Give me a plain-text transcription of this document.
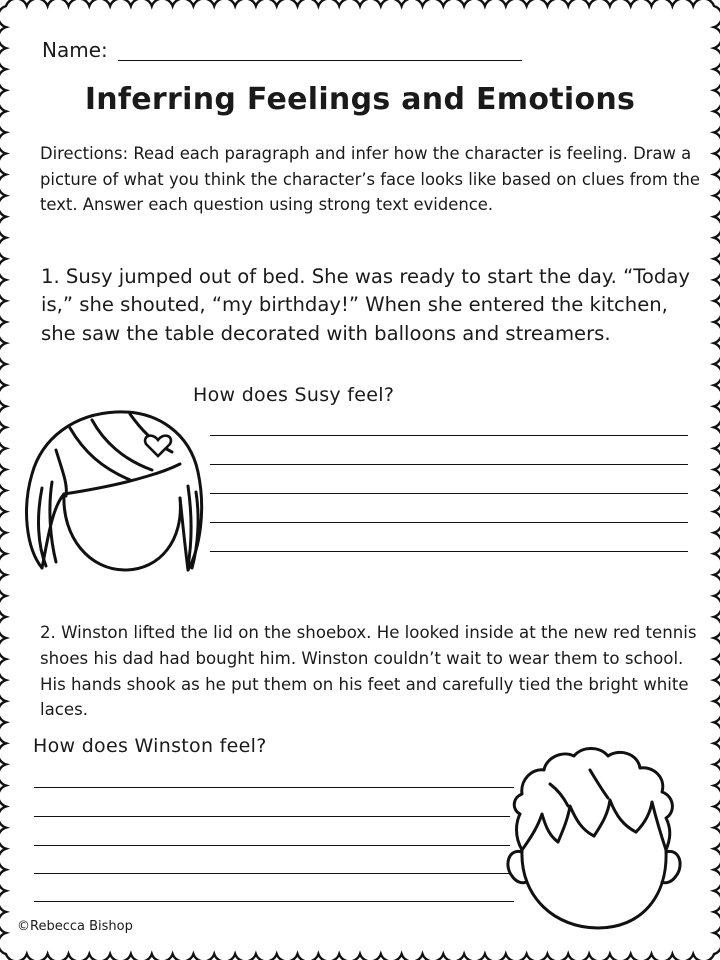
Name:
Inferring Feelings and Emotions
Directions: Read each paragraph and infer how the character is feeling. Draw a picture of what you think the character’s face looks like based on clues from the text. Answer each question using strong text evidence.
1. Susy jumped out of bed. She was ready to start the day. “Today is,” she shouted, “my birthday!” When she entered the kitchen, she saw the table decorated with balloons and streamers.
How does Susy feel?
2. Winston lifted the lid on the shoebox. He looked inside at the new red tennis shoes his dad had bought him. Winston couldn’t wait to wear them to school. His hands shook as he put them on his feet and carefully tied the bright white laces.
How does Winston feel?
©Rebecca Bishop
